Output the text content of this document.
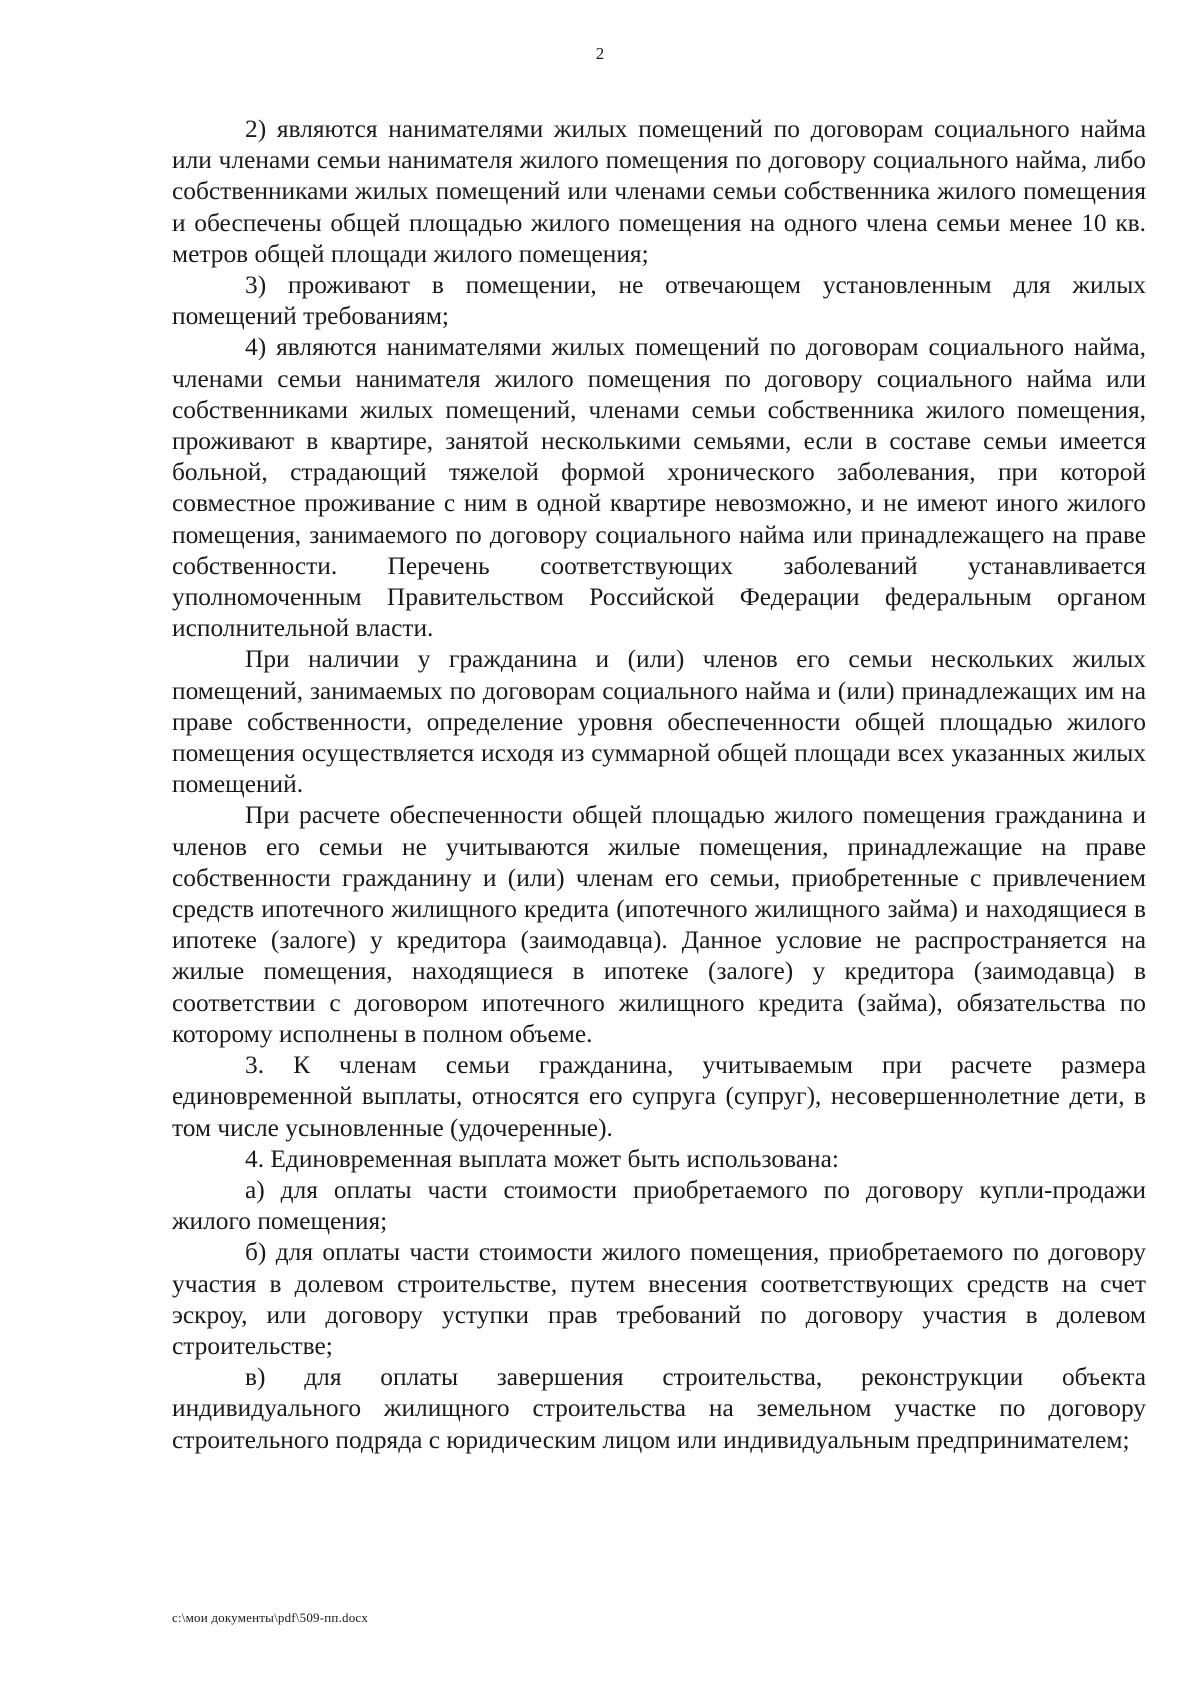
2

2) являются нанимателями жилых помещений по договорам социального найма или членами семьи нанимателя жилого помещения по договору социального найма, либо собственниками жилых помещений или членами семьи собственника жилого помещения и обеспечены общей площадью жилого помещения на одного члена семьи менее 10 кв. метров общей площади жилого помещения;

3) проживают в помещении, не отвечающем установленным для жилых помещений требованиям;

4) являются нанимателями жилых помещений по договорам социального найма, членами семьи нанимателя жилого помещения по договору социального найма или собственниками жилых помещений, членами семьи собственника жилого помещения, проживают в квартире, занятой несколькими семьями, если в составе семьи имеется больной, страдающий тяжелой формой хронического заболевания, при которой совместное проживание с ним в одной квартире невозможно, и не имеют иного жилого помещения, занимаемого по договору социального найма или принадлежащего на праве собственности. Перечень соответствующих заболеваний устанавливается уполномоченным Правительством Российской Федерации федеральным органом исполнительной власти.

При наличии у гражданина и (или) членов его семьи нескольких жилых помещений, занимаемых по договорам социального найма и (или) принадлежащих им на праве собственности, определение уровня обеспеченности общей площадью жилого помещения осуществляется исходя из суммарной общей площади всех указанных жилых помещений.

При расчете обеспеченности общей площадью жилого помещения гражданина и членов его семьи не учитываются жилые помещения, принадлежащие на праве собственности гражданину и (или) членам его семьи, приобретенные с привлечением средств ипотечного жилищного кредита (ипотечного жилищного займа) и находящиеся в ипотеке (залоге) у кредитора (заимодавца). Данное условие не распространяется на жилые помещения, находящиеся в ипотеке (залоге) у кредитора (заимодавца) в соответствии с договором ипотечного жилищного кредита (займа), обязательства по которому исполнены в полном объеме.

3. К членам семьи гражданина, учитываемым при расчете размера единовременной выплаты, относятся его супруга (супруг), несовершеннолетние дети, в том числе усыновленные (удочеренные).

4. Единовременная выплата может быть использована:

а) для оплаты части стоимости приобретаемого по договору купли-продажи жилого помещения;

б) для оплаты части стоимости жилого помещения, приобретаемого по договору участия в долевом строительстве, путем внесения соответствующих средств на счет эскроу, или договору уступки прав требований по договору участия в долевом строительстве;

в) для оплаты завершения строительства, реконструкции объекта индивидуального жилищного строительства на земельном участке по договору строительного подряда с юридическим лицом или индивидуальным предпринимателем;

c:\мои документы\pdf\509-пп.docx
